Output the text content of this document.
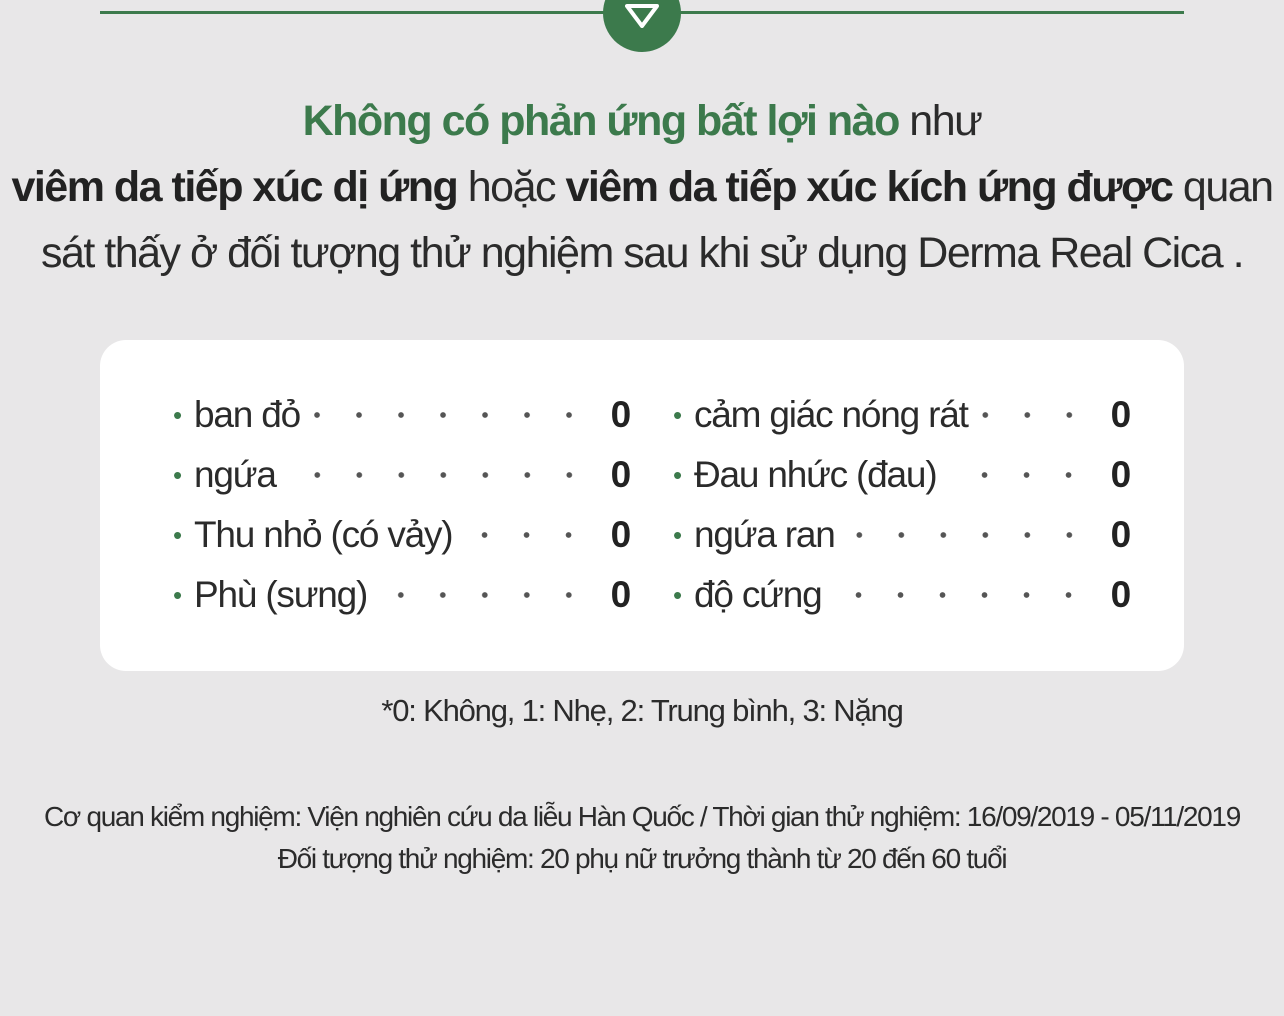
Không có phản ứng bất lợi nào như
viêm da tiếp xúc dị ứng hoặc viêm da tiếp xúc kích ứng được quan
sát thấy ở đối tượng thử nghiệm sau khi sử dụng Derma Real Cica .
• ban đỏ	0
• ngứa	0
• Thu nhỏ (có vảy)	0
• Phù (sưng)	0
• cảm giác nóng rát	0
• Đau nhức (đau)	0
• ngứa ran	0
• độ cứng	0
*0: Không, 1: Nhẹ, 2: Trung bình, 3: Nặng
Cơ quan kiểm nghiệm: Viện nghiên cứu da liễu Hàn Quốc / Thời gian thử nghiệm: 16/09/2019 - 05/11/2019
Đối tượng thử nghiệm: 20 phụ nữ trưởng thành từ 20 đến 60 tuổi
